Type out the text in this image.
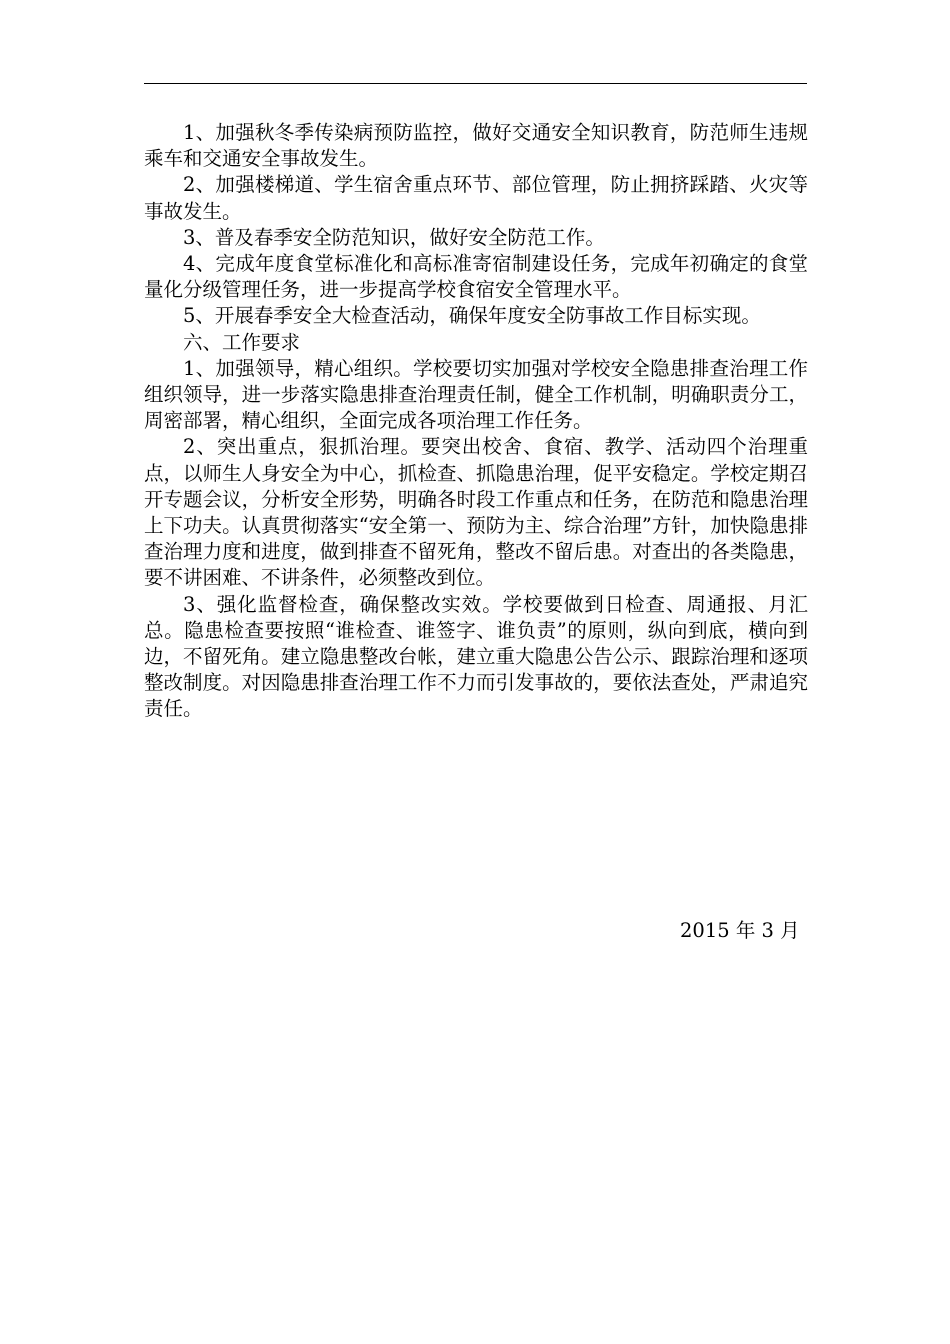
1、加强秋冬季传染病预防监控，做好交通安全知识教育，防范师生违规乘车和交通安全事故发生。

2、加强楼梯道、学生宿舍重点环节、部位管理，防止拥挤踩踏、火灾等事故发生。

3、普及春季安全防范知识，做好安全防范工作。

4、完成年度食堂标准化和高标准寄宿制建设任务，完成年初确定的食堂量化分级管理任务，进一步提高学校食宿安全管理水平。

5、开展春季安全大检查活动，确保年度安全防事故工作目标实现。

六、工作要求

1、加强领导，精心组织。学校要切实加强对学校安全隐患排查治理工作组织领导，进一步落实隐患排查治理责任制，健全工作机制，明确职责分工，周密部署，精心组织，全面完成各项治理工作任务。

2、突出重点，狠抓治理。要突出校舍、食宿、教学、活动四个治理重点，以师生人身安全为中心，抓检查、抓隐患治理，促平安稳定。学校定期召开专题会议，分析安全形势，明确各时段工作重点和任务，在防范和隐患治理上下功夫。认真贯彻落实“安全第一、预防为主、综合治理”方针，加快隐患排查治理力度和进度，做到排查不留死角，整改不留后患。对查出的各类隐患，要不讲困难、不讲条件，必须整改到位。

3、强化监督检查，确保整改实效。学校要做到日检查、周通报、月汇总。隐患检查要按照“谁检查、谁签字、谁负责”的原则，纵向到底，横向到边，不留死角。建立隐患整改台帐，建立重大隐患公告公示、跟踪治理和逐项整改制度。对因隐患排查治理工作不力而引发事故的，要依法查处，严肃追究责任。

2015 年 3 月
